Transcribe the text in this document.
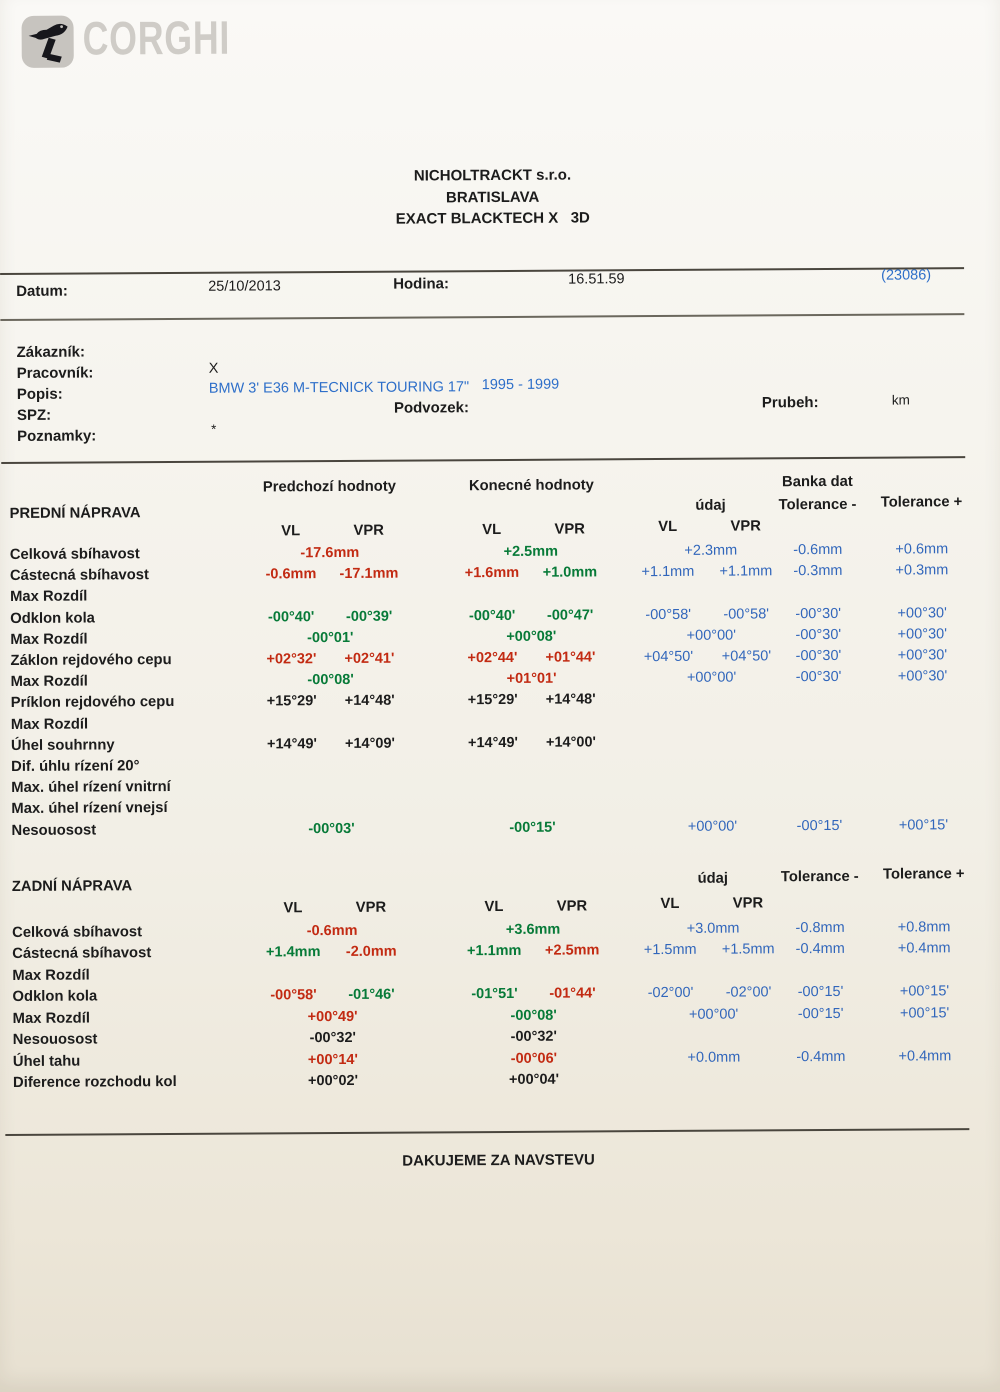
CORGHI
NICHOLTRACKT s.r.o.
BRATISLAVA
EXACT BLACKTECH X   3D
Datum:	25/10/2013	Hodina:	16.51.59	(23086)
Zákazník:
Pracovník:	X
Popis:	BMW 3' E36 M-TECNICK TOURING 17" 1995 - 1999
SPZ:	Podvozek:	Prubeh:	km
Poznamky:	*
Predchozí hodnoty	Konecné hodnoty	Banka dat
PREDNÍ NÁPRAVA	údaj	Tolerance -	Tolerance +
VL	VPR	VL	VPR	VL	VPR
Celková sbíhavost	-17.6mm	+2.5mm	+2.3mm	-0.6mm	+0.6mm
Cástecná sbíhavost	-0.6mm	-17.1mm	+1.6mm	+1.0mm	+1.1mm	+1.1mm	-0.3mm	+0.3mm
Max Rozdíl
Odklon kola	-00°40'	-00°39'	-00°40'	-00°47'	-00°58'	-00°58'	-00°30'	+00°30'
Max Rozdíl	-00°01'	+00°08'	+00°00'	-00°30'	+00°30'
Záklon rejdového cepu	+02°32'	+02°41'	+02°44'	+01°44'	+04°50'	+04°50'	-00°30'	+00°30'
Max Rozdíl	-00°08'	+01°01'	+00°00'	-00°30'	+00°30'
Príklon rejdového cepu	+15°29'	+14°48'	+15°29'	+14°48'
Max Rozdíl
Úhel souhrnny	+14°49'	+14°09'	+14°49'	+14°00'
Dif. úhlu rízení 20°
Max. úhel rízení vnitrní
Max. úhel rízení vnejsí
Nesouosost	-00°03'	-00°15'	+00°00'	-00°15'	+00°15'
ZADNÍ NÁPRAVA	údaj	Tolerance -	Tolerance +
VL	VPR	VL	VPR	VL	VPR
Celková sbíhavost	-0.6mm	+3.6mm	+3.0mm	-0.8mm	+0.8mm
Cástecná sbíhavost	+1.4mm	-2.0mm	+1.1mm	+2.5mm	+1.5mm	+1.5mm	-0.4mm	+0.4mm
Max Rozdíl
Odklon kola	-00°58'	-01°46'	-01°51'	-01°44'	-02°00'	-02°00'	-00°15'	+00°15'
Max Rozdíl	+00°49'	-00°08'	+00°00'	-00°15'	+00°15'
Nesouosost	-00°32'	-00°32'
Úhel tahu	+00°14'	-00°06'	+0.0mm	-0.4mm	+0.4mm
Diference rozchodu kol	+00°02'	+00°04'
DAKUJEME ZA NAVSTEVU
